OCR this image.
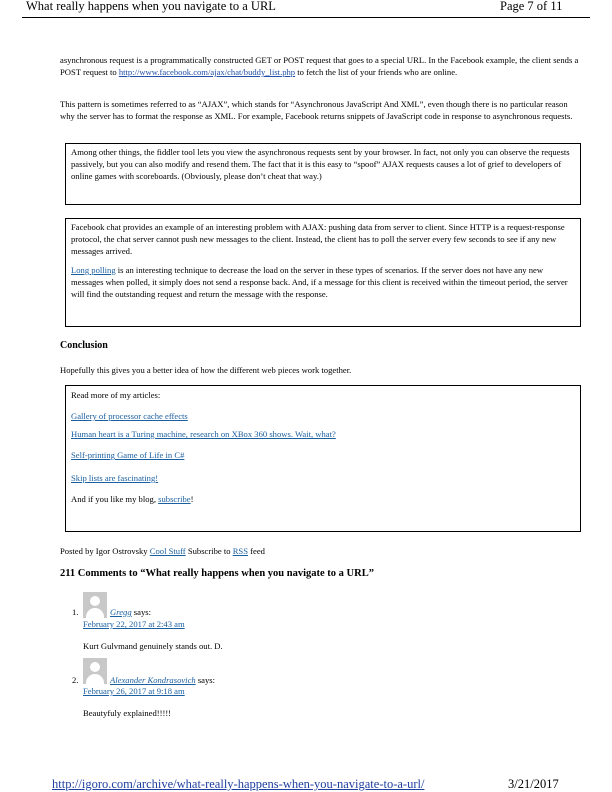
What really happens when you navigate to a URL	Page 7 of 11

asynchronous request is a programmatically constructed GET or POST request that goes to a special URL. In the Facebook example, the client sends a POST request to http://www.facebook.com/ajax/chat/buddy_list.php to fetch the list of your friends who are online.

This pattern is sometimes referred to as “AJAX”, which stands for “Asynchronous JavaScript And XML”, even though there is no particular reason why the server has to format the response as XML. For example, Facebook returns snippets of JavaScript code in response to asynchronous requests.

Among other things, the fiddler tool lets you view the asynchronous requests sent by your browser. In fact, not only you can observe the requests passively, but you can also modify and resend them. The fact that it is this easy to “spoof” AJAX requests causes a lot of grief to developers of online games with scoreboards. (Obviously, please don’t cheat that way.)

Facebook chat provides an example of an interesting problem with AJAX: pushing data from server to client. Since HTTP is a request-response protocol, the chat server cannot push new messages to the client. Instead, the client has to poll the server every few seconds to see if any new messages arrived.

Long polling is an interesting technique to decrease the load on the server in these types of scenarios. If the server does not have any new messages when polled, it simply does not send a response back. And, if a message for this client is received within the timeout period, the server will find the outstanding request and return the message with the response.

Conclusion

Hopefully this gives you a better idea of how the different web pieces work together.

Read more of my articles:

Gallery of processor cache effects

Human heart is a Turing machine, research on XBox 360 shows. Wait, what?

Self-printing Game of Life in C#

Skip lists are fascinating!

And if you like my blog, subscribe!

Posted by Igor Ostrovsky Cool Stuff Subscribe to RSS feed

211 Comments to “What really happens when you navigate to a URL”
1.	Gregg says:
February 22, 2017 at 2:43 am
Kurt Gulvmand genuinely stands out. D.
2.	Alexander Kondrasovich says:
February 26, 2017 at 9:18 am
Beautyfuly explained!!!!!
http://igoro.com/archive/what-really-happens-when-you-navigate-to-a-url/	3/21/2017
